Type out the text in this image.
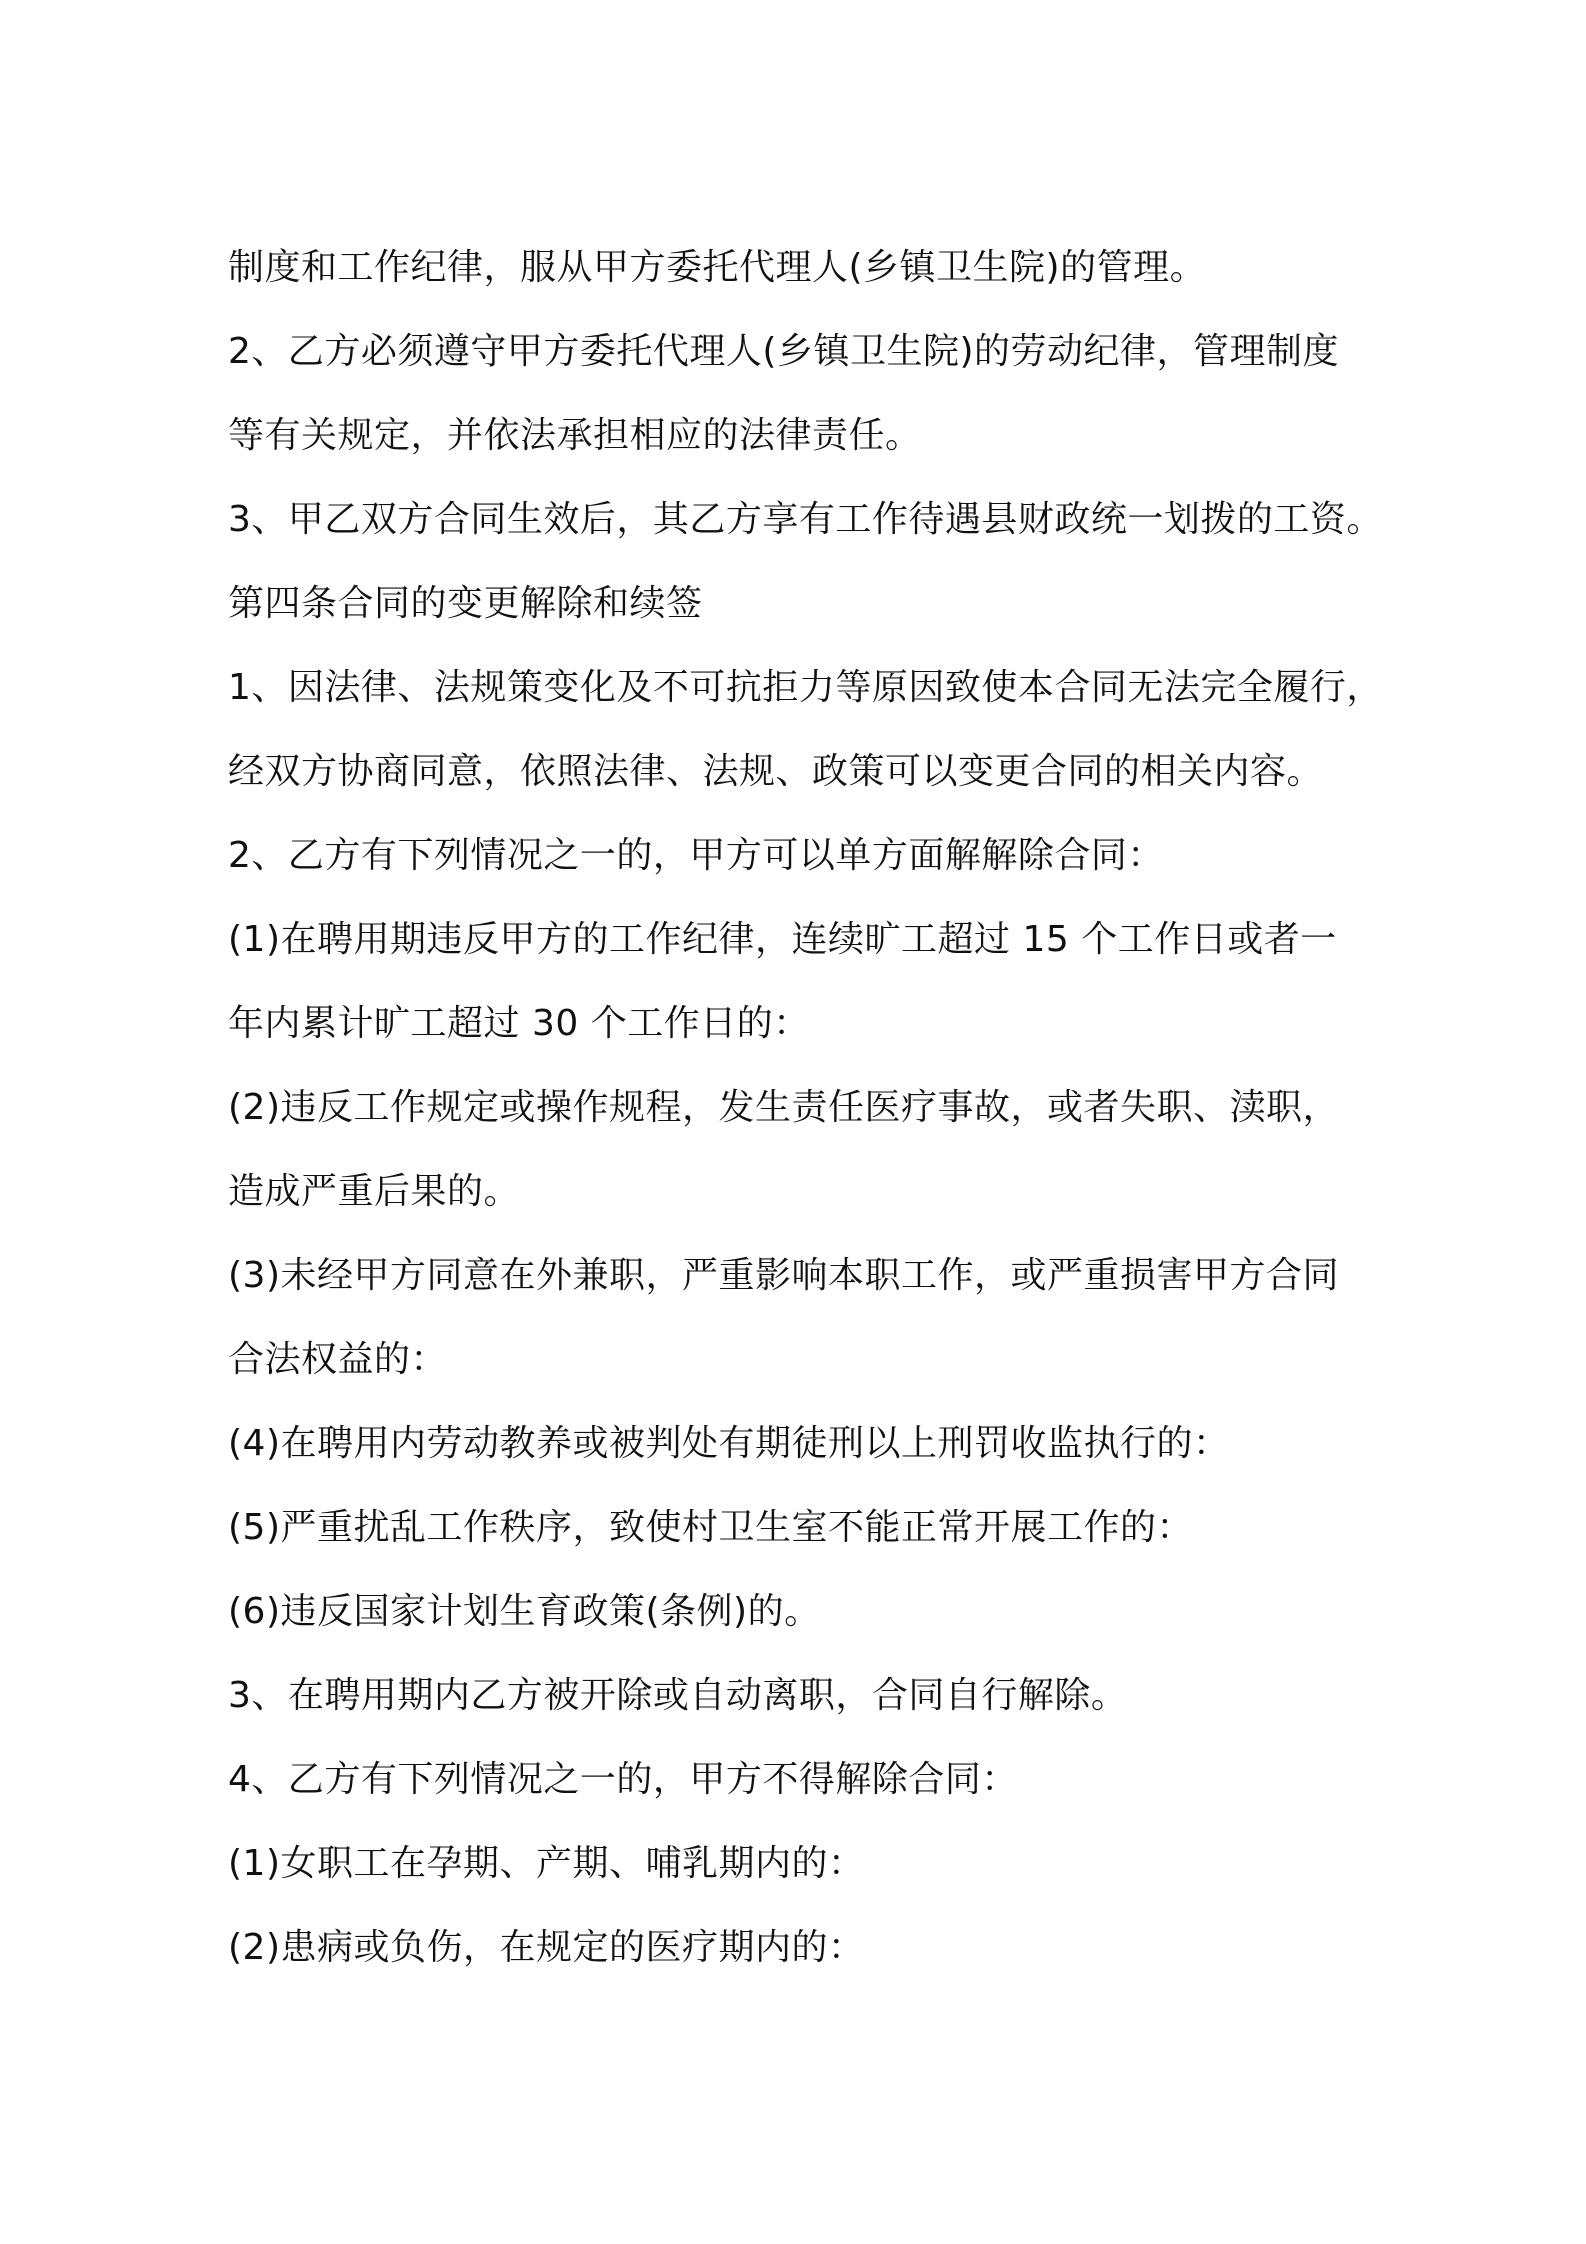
制度和工作纪律，服从甲方委托代理人(乡镇卫生院)的管理。
2、乙方必须遵守甲方委托代理人(乡镇卫生院)的劳动纪律，管理制度
等有关规定，并依法承担相应的法律责任。
3、甲乙双方合同生效后，其乙方享有工作待遇县财政统一划拨的工资。
第四条合同的变更解除和续签
1、因法律、法规策变化及不可抗拒力等原因致使本合同无法完全履行，
经双方协商同意，依照法律、法规、政策可以变更合同的相关内容。
2、乙方有下列情况之一的，甲方可以单方面解解除合同：
(1)在聘用期违反甲方的工作纪律，连续旷工超过 15 个工作日或者一
年内累计旷工超过 30 个工作日的：
(2)违反工作规定或操作规程，发生责任医疗事故，或者失职、渎职，
造成严重后果的。
(3)未经甲方同意在外兼职，严重影响本职工作，或严重损害甲方合同
合法权益的：
(4)在聘用内劳动教养或被判处有期徒刑以上刑罚收监执行的：
(5)严重扰乱工作秩序，致使村卫生室不能正常开展工作的：
(6)违反国家计划生育政策(条例)的。
3、在聘用期内乙方被开除或自动离职，合同自行解除。
4、乙方有下列情况之一的，甲方不得解除合同：
(1)女职工在孕期、产期、哺乳期内的：
(2)患病或负伤，在规定的医疗期内的：
